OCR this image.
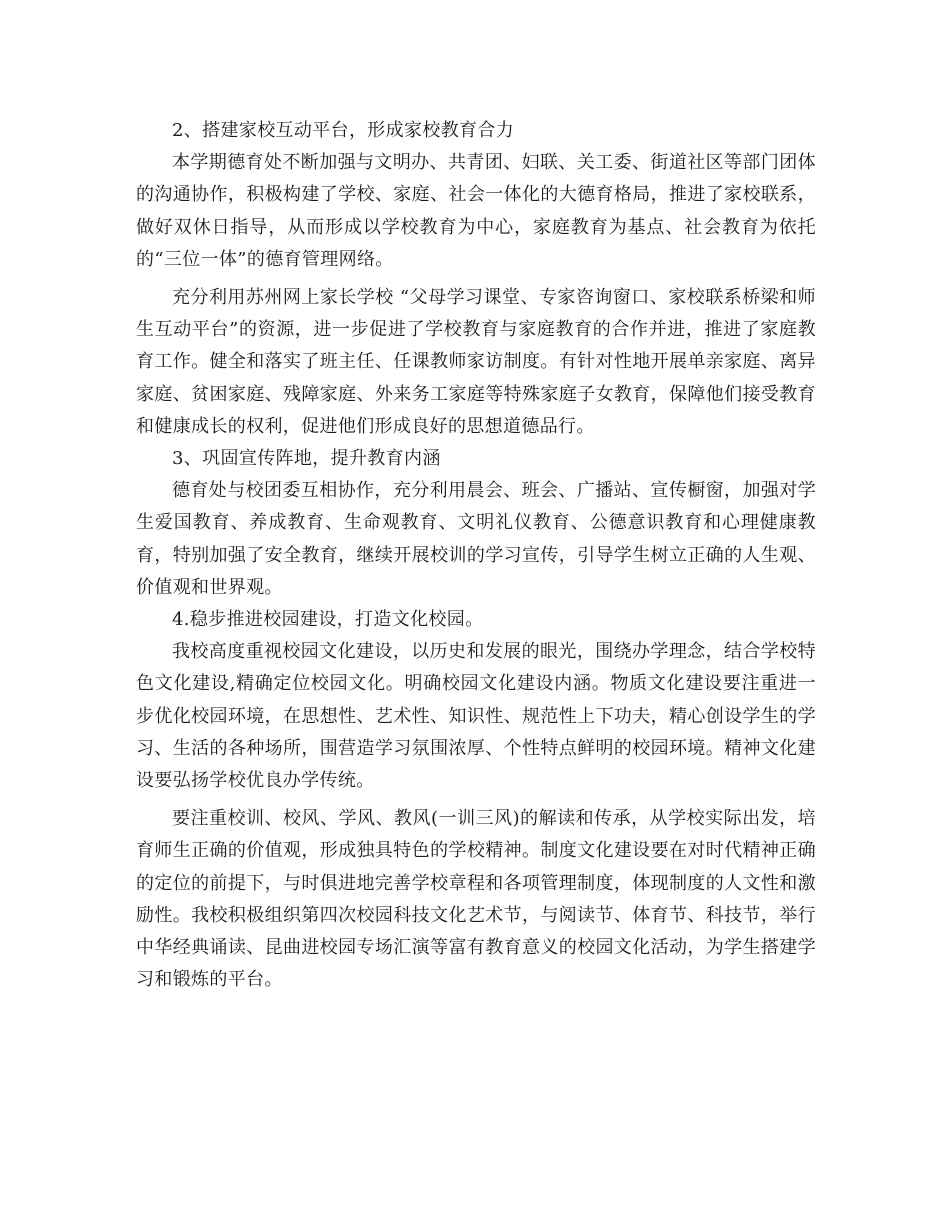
2、搭建家校互动平台，形成家校教育合力

本学期德育处不断加强与文明办、共青团、妇联、关工委、街道社区等部门团体的沟通协作，积极构建了学校、家庭、社会一体化的大德育格局，推进了家校联系，做好双休日指导，从而形成以学校教育为中心，家庭教育为基点、社会教育为依托的“三位一体”的德育管理网络。

充分利用苏州网上家长学校 “父母学习课堂、专家咨询窗口、家校联系桥梁和师生互动平台”的资源，进一步促进了学校教育与家庭教育的合作并进，推进了家庭教育工作。健全和落实了班主任、任课教师家访制度。有针对性地开展单亲家庭、离异家庭、贫困家庭、残障家庭、外来务工家庭等特殊家庭子女教育，保障他们接受教育和健康成长的权利，促进他们形成良好的思想道德品行。

3、巩固宣传阵地，提升教育内涵

德育处与校团委互相协作，充分利用晨会、班会、广播站、宣传橱窗，加强对学生爱国教育、养成教育、生命观教育、文明礼仪教育、公德意识教育和心理健康教育，特别加强了安全教育，继续开展校训的学习宣传，引导学生树立正确的人生观、价值观和世界观。

4.稳步推进校园建设，打造文化校园。

我校高度重视校园文化建设，以历史和发展的眼光，围绕办学理念，结合学校特色文化建设,精确定位校园文化。明确校园文化建设内涵。物质文化建设要注重进一步优化校园环境，在思想性、艺术性、知识性、规范性上下功夫，精心创设学生的学习、生活的各种场所，围营造学习氛围浓厚、个性特点鲜明的校园环境。精神文化建设要弘扬学校优良办学传统。

要注重校训、校风、学风、教风(一训三风)的解读和传承，从学校实际出发，培育师生正确的价值观，形成独具特色的学校精神。制度文化建设要在对时代精神正确的定位的前提下，与时俱进地完善学校章程和各项管理制度，体现制度的人文性和激励性。我校积极组织第四次校园科技文化艺术节，与阅读节、体育节、科技节，举行中华经典诵读、昆曲进校园专场汇演等富有教育意义的校园文化活动，为学生搭建学习和锻炼的平台。
